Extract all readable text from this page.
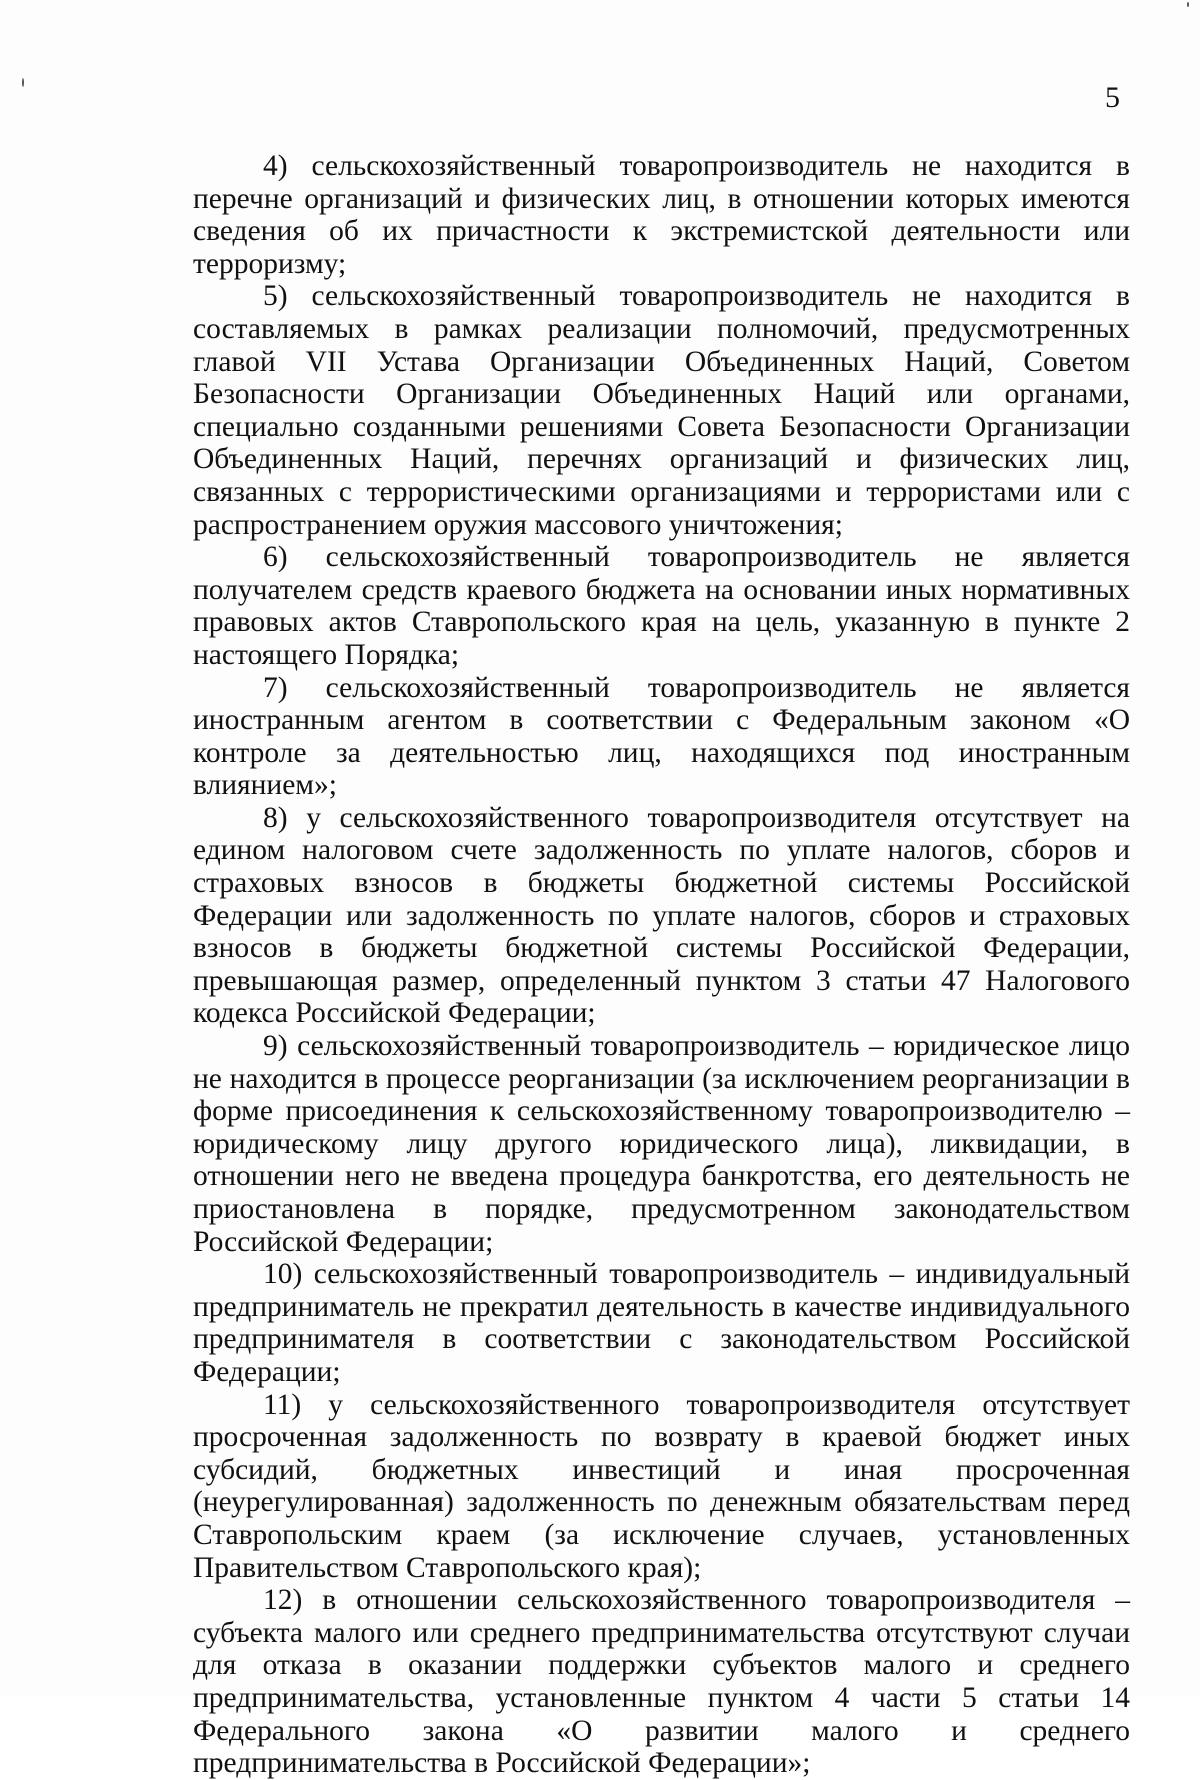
5

4) сельскохозяйственный товаропроизводитель не находится в перечне организаций и физических лиц, в отношении которых имеются сведения об их причастности к экстремистской деятельности или терроризму;

5) сельскохозяйственный товаропроизводитель не находится в составляемых в рамках реализации полномочий, предусмотренных главой VII Устава Организации Объединенных Наций, Советом Безопасности Организации Объединенных Наций или органами, специально созданными решениями Совета Безопасности Организации Объединенных Наций, перечнях организаций и физических лиц, связанных с террористическими организациями и террористами или с распространением оружия массового уничтожения;

6) сельскохозяйственный товаропроизводитель не является получателем средств краевого бюджета на основании иных нормативных правовых актов Ставропольского края на цель, указанную в пункте 2 настоящего Порядка;

7) сельскохозяйственный товаропроизводитель не является иностранным агентом в соответствии с Федеральным законом «О контроле за деятельностью лиц, находящихся под иностранным влиянием»;

8) у сельскохозяйственного товаропроизводителя отсутствует на едином налоговом счете задолженность по уплате налогов, сборов и страховых взносов в бюджеты бюджетной системы Российской Федерации или задолженность по уплате налогов, сборов и страховых взносов в бюджеты бюджетной системы Российской Федерации, превышающая размер, определенный пунктом 3 статьи 47 Налогового кодекса Российской Федерации;

9) сельскохозяйственный товаропроизводитель – юридическое лицо не находится в процессе реорганизации (за исключением реорганизации в форме присоединения к сельскохозяйственному товаропроизводителю – юридическому лицу другого юридического лица), ликвидации, в отношении него не введена процедура банкротства, его деятельность не приостановлена в порядке, предусмотренном законодательством Российской Федерации;

10) сельскохозяйственный товаропроизводитель – индивидуальный предприниматель не прекратил деятельность в качестве индивидуального предпринимателя в соответствии с законодательством Российской Федерации;

11) у сельскохозяйственного товаропроизводителя отсутствует просроченная задолженность по возврату в краевой бюджет иных субсидий, бюджетных инвестиций и иная просроченная (неурегулированная) задолженность по денежным обязательствам перед Ставропольским краем (за исключение случаев, установленных Правительством Ставропольского края);

12) в отношении сельскохозяйственного товаропроизводителя – субъекта малого или среднего предпринимательства отсутствуют случаи для отказа в оказании поддержки субъектов малого и среднего предпринимательства, установленные пунктом 4 части 5 статьи 14 Федерального закона «О развитии малого и среднего предпринимательства в Российской Федерации»;
